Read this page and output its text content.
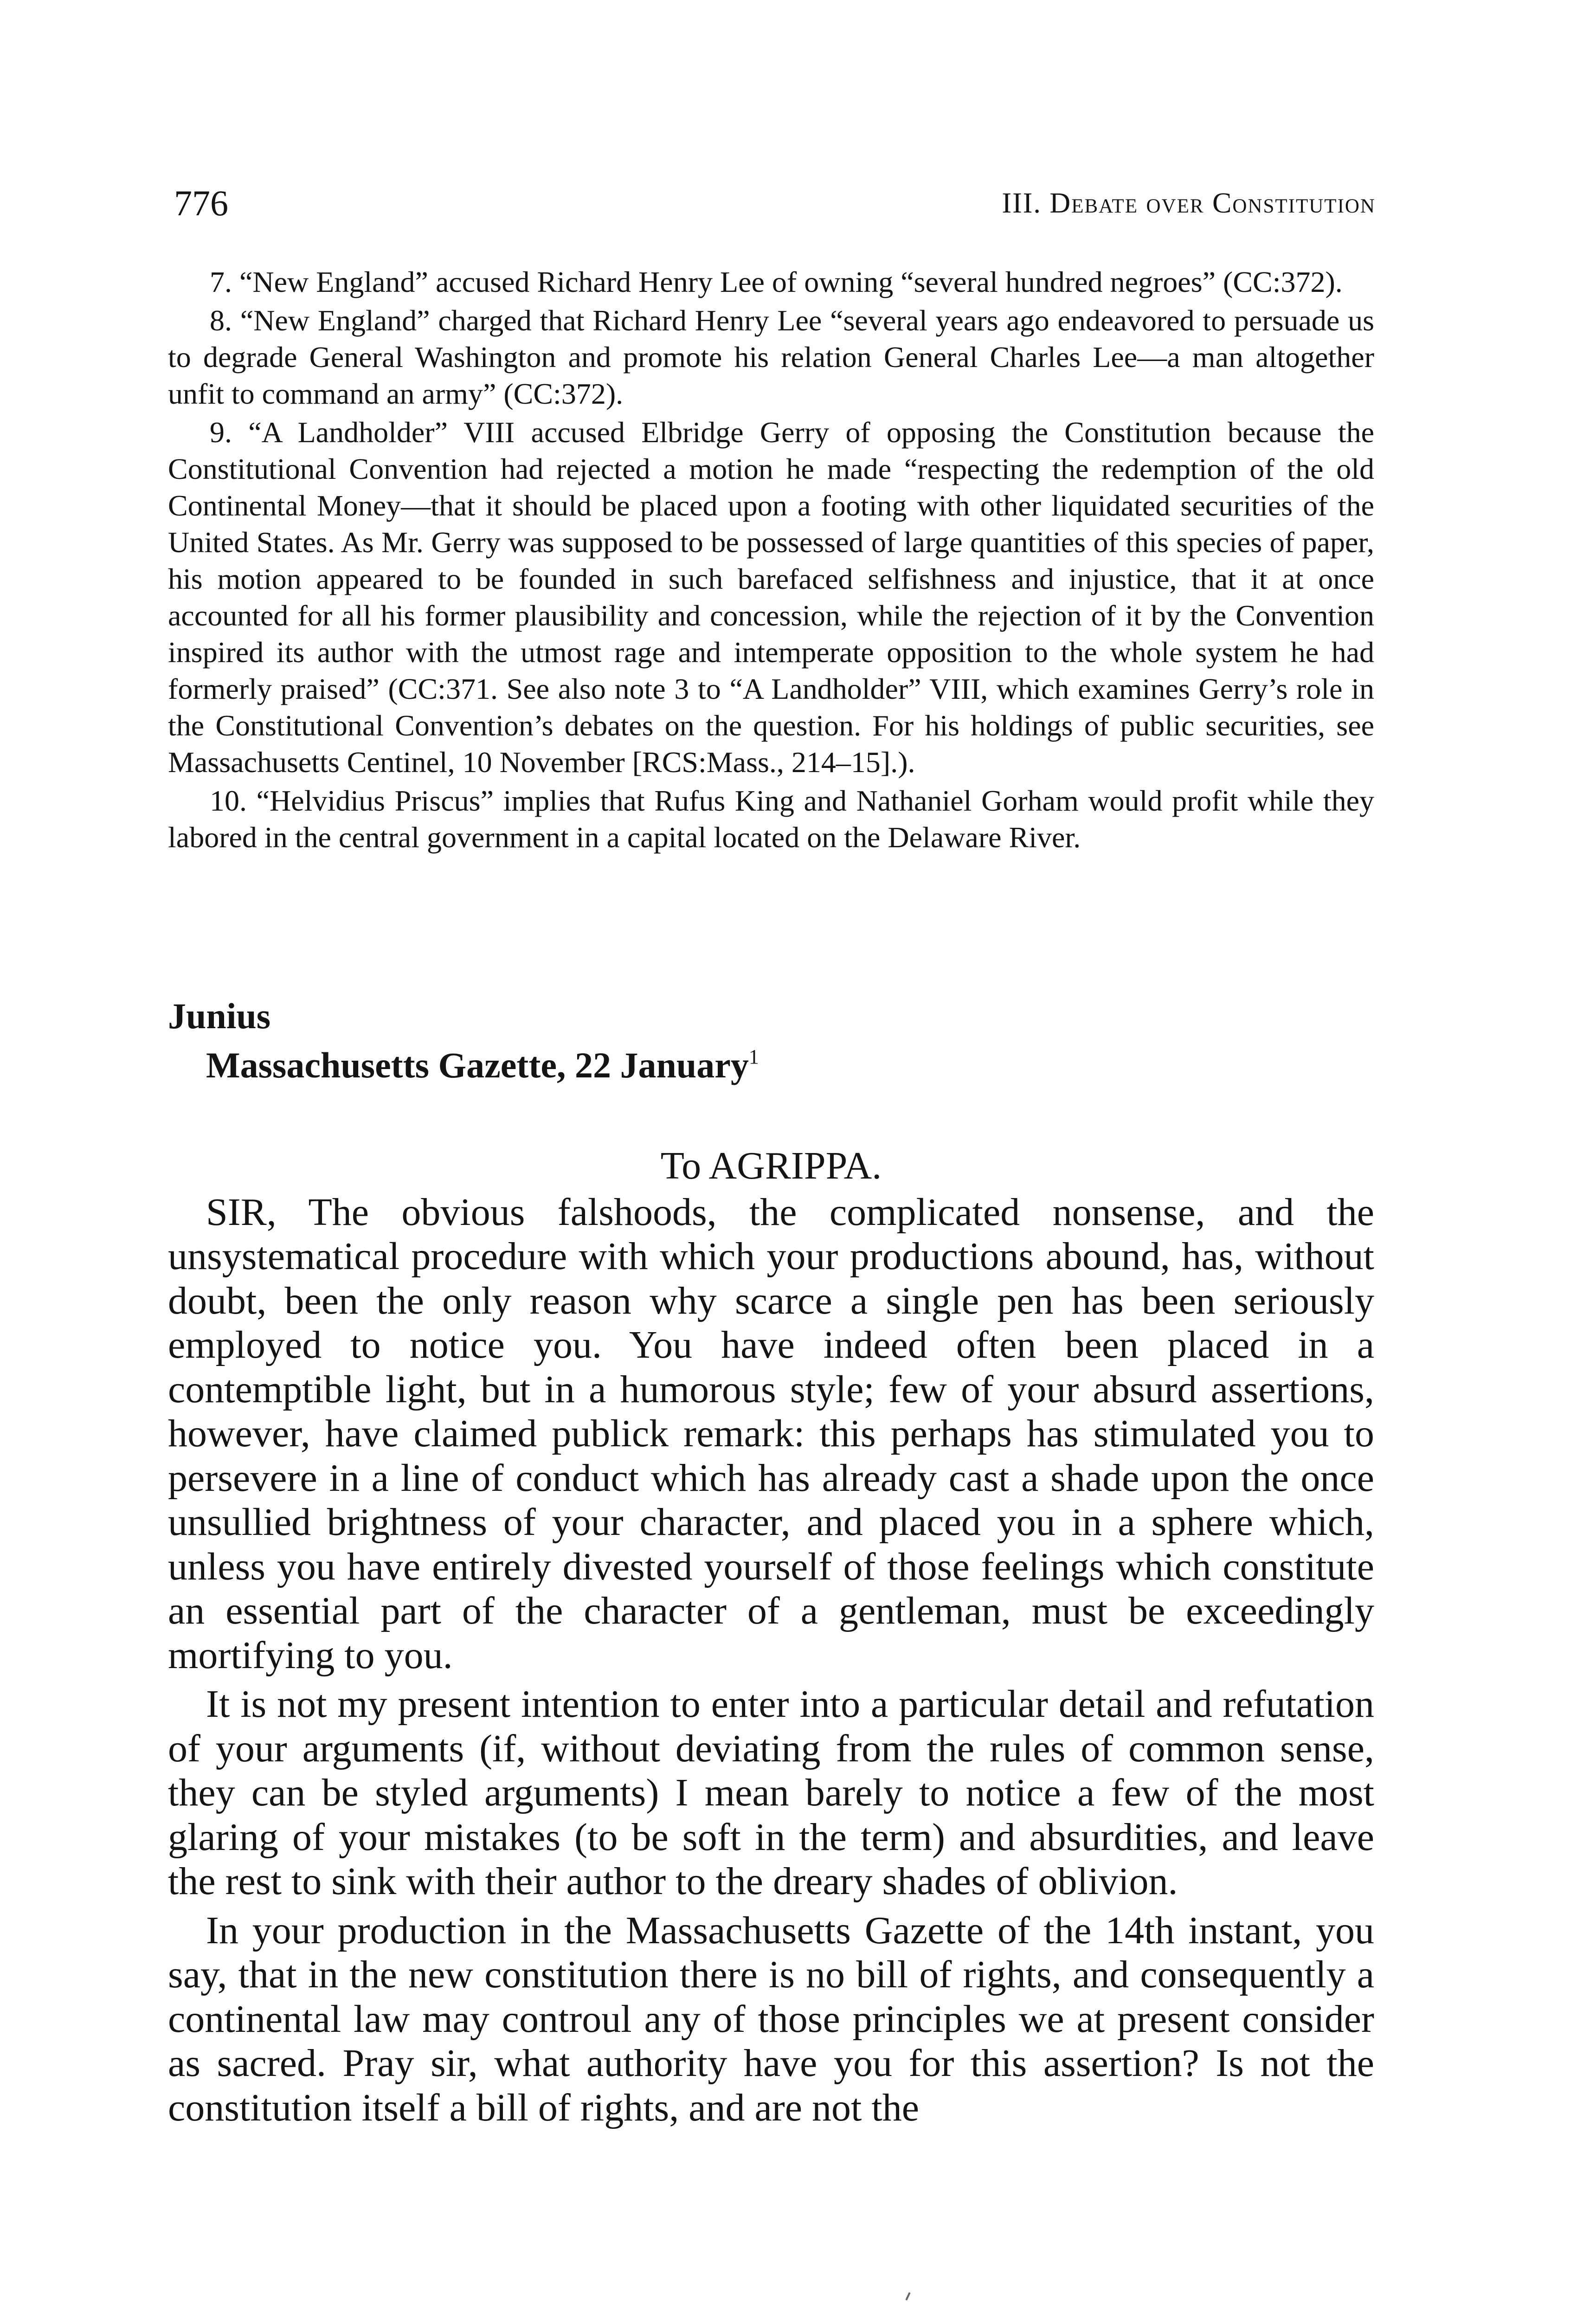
776	III. Debate over Constitution

7. “New England” accused Richard Henry Lee of owning “several hundred negroes” (CC:372).

8. “New England” charged that Richard Henry Lee “several years ago endeavored to persuade us to degrade General Washington and promote his relation General Charles Lee—a man altogether unfit to command an army” (CC:372).

9. “A Landholder” VIII accused Elbridge Gerry of opposing the Constitution because the Constitutional Convention had rejected a motion he made “respecting the redemption of the old Continental Money—that it should be placed upon a footing with other liquidated securities of the United States. As Mr. Gerry was supposed to be possessed of large quantities of this species of paper, his motion appeared to be founded in such barefaced selfishness and injustice, that it at once accounted for all his former plausibility and concession, while the rejection of it by the Convention inspired its author with the utmost rage and intemperate opposition to the whole system he had formerly praised” (CC:371. See also note 3 to “A Landholder” VIII, which examines Gerry’s role in the Constitutional Convention’s debates on the question. For his holdings of public securities, see Massachusetts Centinel, 10 November [RCS:Mass., 214–15].).

10. “Helvidius Priscus” implies that Rufus King and Nathaniel Gorham would profit while they labored in the central government in a capital located on the Delaware River.

Junius
Massachusetts Gazette, 22 January$^1$

To AGRIPPA.

SIR, The obvious falshoods, the complicated nonsense, and the unsystematical procedure with which your productions abound, has, without doubt, been the only reason why scarce a single pen has been seriously employed to notice you. You have indeed often been placed in a contemptible light, but in a humorous style; few of your absurd assertions, however, have claimed publick remark: this perhaps has stimulated you to persevere in a line of conduct which has already cast a shade upon the once unsullied brightness of your character, and placed you in a sphere which, unless you have entirely divested yourself of those feelings which constitute an essential part of the character of a gentleman, must be exceedingly mortifying to you.

It is not my present intention to enter into a particular detail and refutation of your arguments (if, without deviating from the rules of common sense, they can be styled arguments) I mean barely to notice a few of the most glaring of your mistakes (to be soft in the term) and absurdities, and leave the rest to sink with their author to the dreary shades of oblivion.

In your production in the Massachusetts Gazette of the 14th instant, you say, that in the new constitution there is no bill of rights, and consequently a continental law may controul any of those principles we at present consider as sacred. Pray sir, what authority have you for this assertion? Is not the constitution itself a bill of rights, and are not the
